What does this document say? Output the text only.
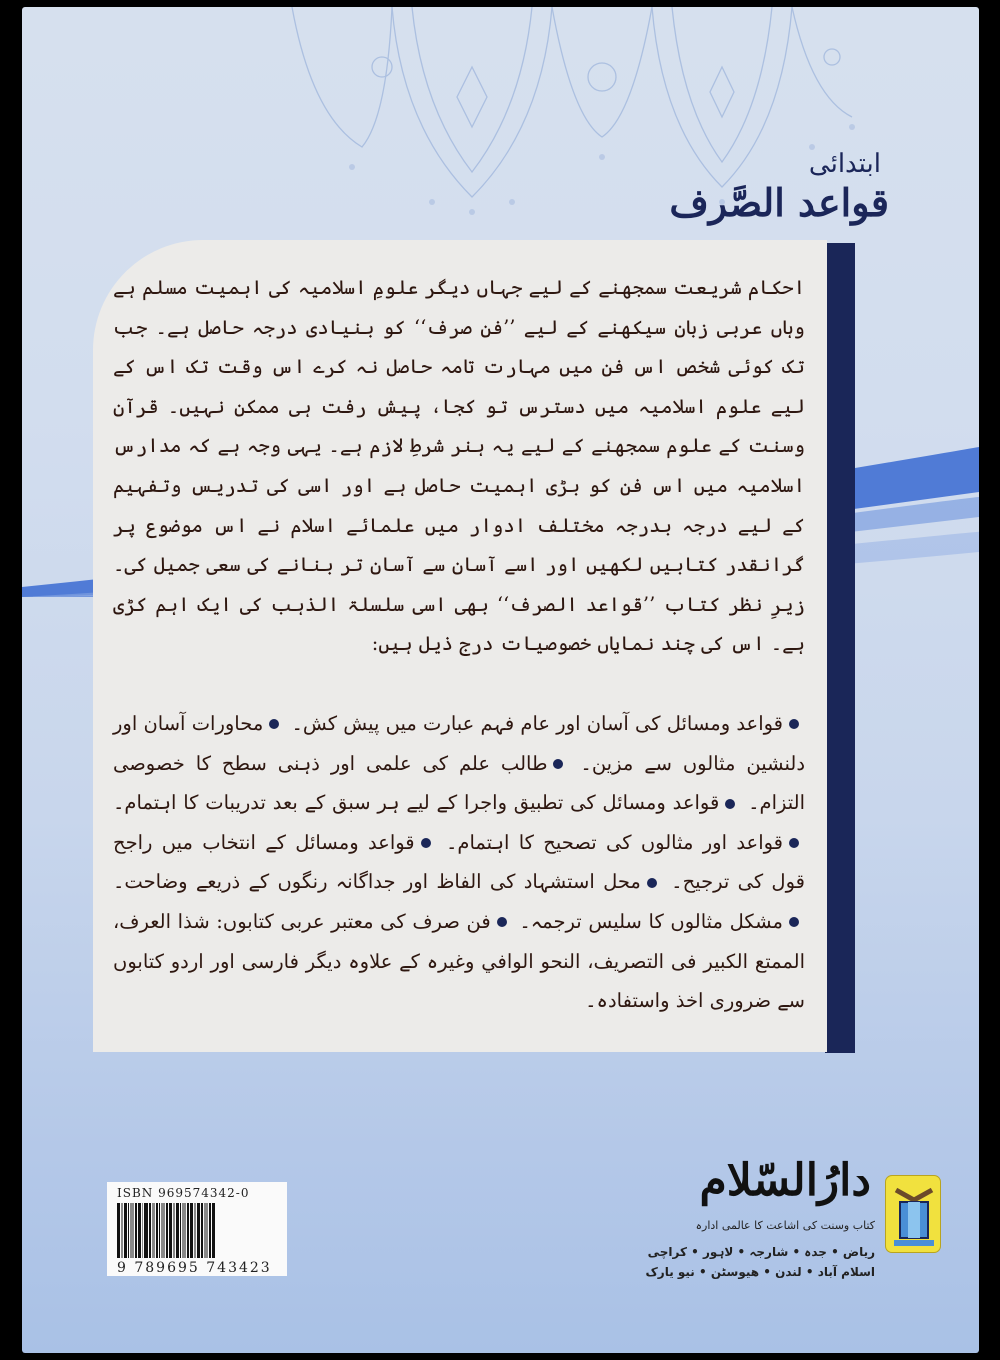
ابتدائی
قواعد الصَّرف

احکام شریعت سمجھنے کے لیے جہاں دیگر علومِ اسلامیہ کی اہمیت مسلم ہے وہاں عربی زبان سیکھنے کے لیے ’’فن صرف‘‘ کو بنیادی درجہ حاصل ہے۔ جب تک کوئی شخص اس فن میں مہارت تامہ حاصل نہ کرے اس وقت تک اس کے لیے علوم اسلامیہ میں دسترس تو کجا، پیش رفت ہی ممکن نہیں۔ قرآن وسنت کے علوم سمجھنے کے لیے یہ ہنر شرطِ لازم ہے۔ یہی وجہ ہے کہ مدارس اسلامیہ میں اس فن کو بڑی اہمیت حاصل ہے اور اسی کی تدریس وتفہیم کے لیے درجہ بدرجہ مختلف ادوار میں علمائے اسلام نے اس موضوع پر گرانقدر کتابیں لکھیں اور اسے آسان سے آسان تر بنانے کی سعی جمیل کی۔ زیرِ نظر کتاب ’’قواعد الصرف‘‘ بھی اسی سلسلۃ الذہب کی ایک اہم کڑی ہے۔ اس کی چند نمایاں خصوصیات درج ذیل ہیں:

قواعد ومسائل کی آسان اور عام فہم عبارت میں پیش کش۔ محاورات آسان اور دلنشین مثالوں سے مزین۔ طالب علم کی علمی اور ذہنی سطح کا خصوصی التزام۔ قواعد ومسائل کی تطبیق واجرا کے لیے ہر سبق کے بعد تدریبات کا اہتمام۔ قواعد اور مثالوں کی تصحیح کا اہتمام۔ قواعد ومسائل کے انتخاب میں راجح قول کی ترجیح۔ محل استشہاد کی الفاظ اور جداگانہ رنگوں کے ذریعے وضاحت۔ مشکل مثالوں کا سلیس ترجمہ۔ فن صرف کی معتبر عربی کتابوں: شذا العرف، الممتع الکبیر فی التصریف، النحو الوافي وغیرہ کے علاوہ دیگر فارسی اور اردو کتابوں سے ضروری اخذ واستفادہ۔

ISBN 969574342-0
9 789695 743423
دارُالسّلام
کتاب وسنت کی اشاعت کا عالمی ادارہ
ریاض • جدہ • شارجہ • لاہور • کراچی
اسلام آباد • لندن • هیوسٹن • نیو یارک
